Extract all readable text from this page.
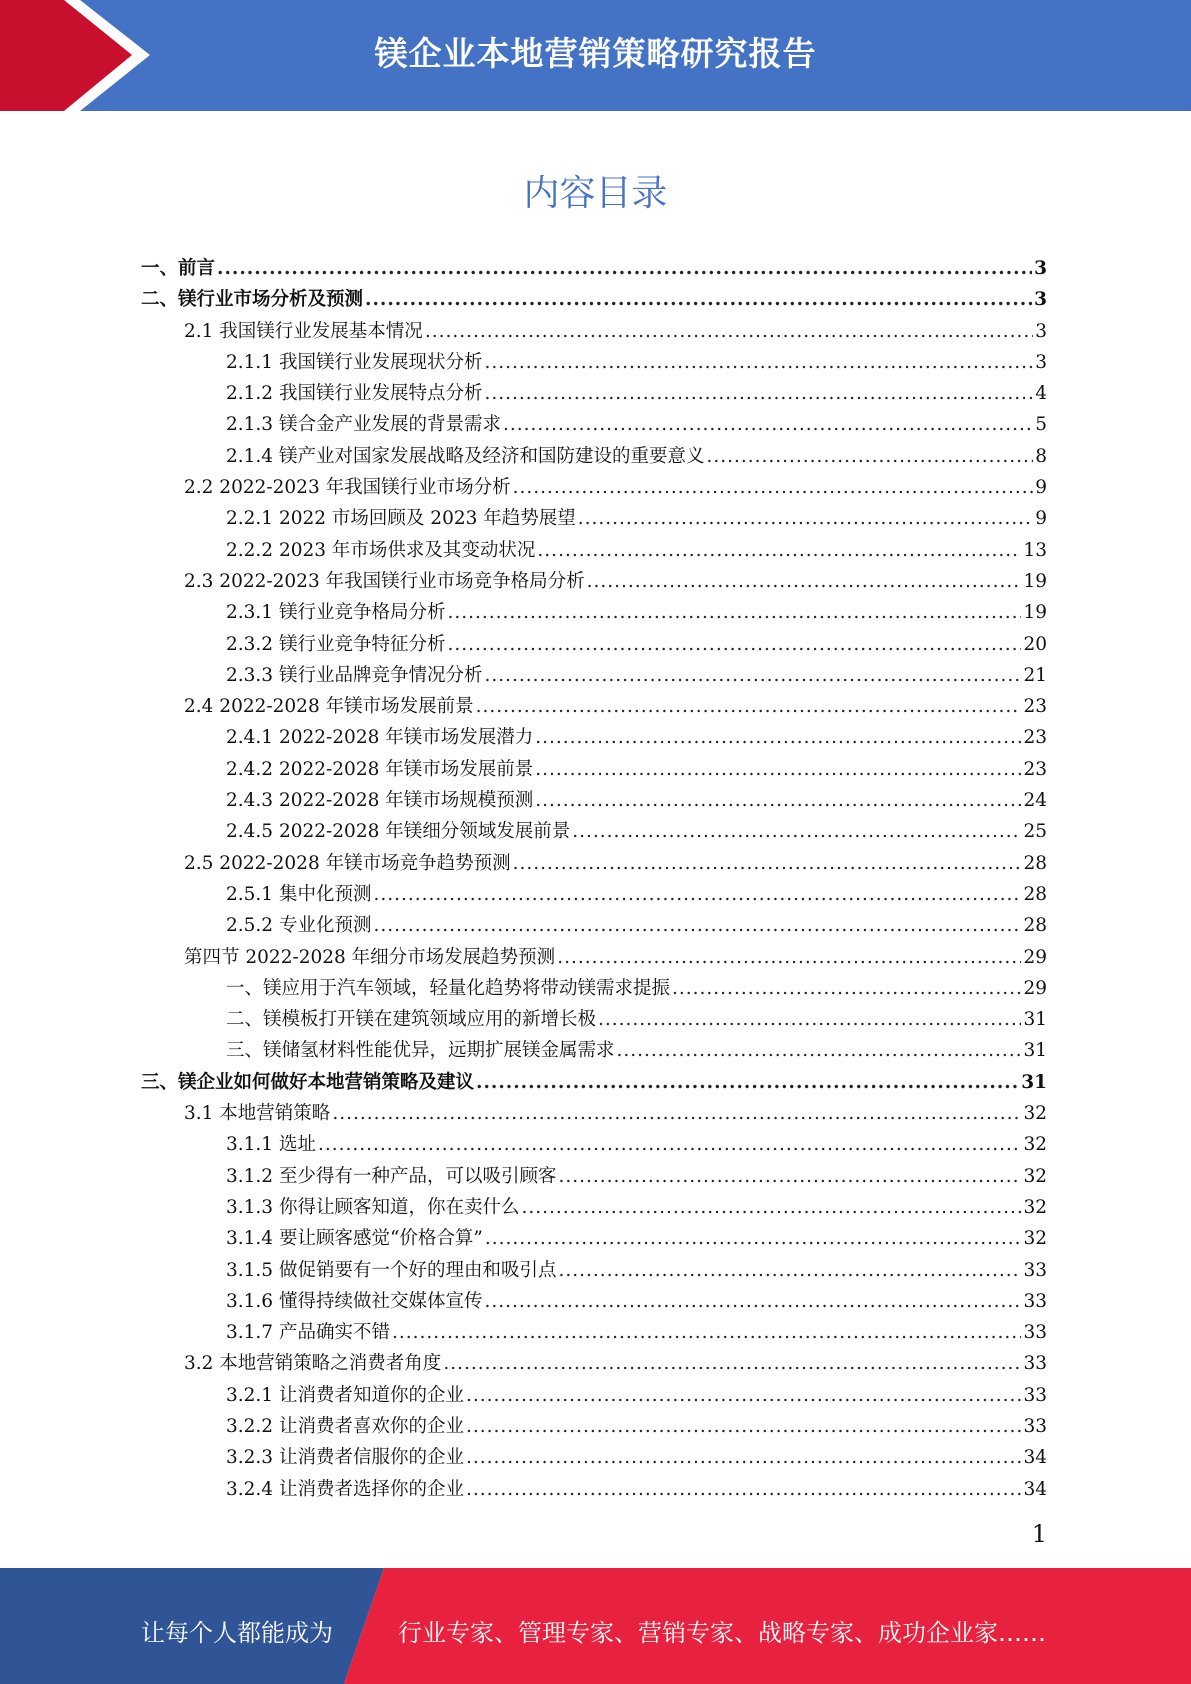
镁企业本地营销策略研究报告
内容目录
一、前言 .....	3
二、镁行业市场分析及预测 .....	3
2.1 我国镁行业发展基本情况 .....	3
2.1.1 我国镁行业发展现状分析 .....	3
2.1.2 我国镁行业发展特点分析 .....	4
2.1.3 镁合金产业发展的背景需求 .....	5
2.1.4 镁产业对国家发展战略及经济和国防建设的重要意义 .....	8
2.2 2022-2023 年我国镁行业市场分析 .....	9
2.2.1 2022 市场回顾及 2023 年趋势展望 .....	9
2.2.2 2023 年市场供求及其变动状况 .....	13
2.3 2022-2023 年我国镁行业市场竞争格局分析 .....	19
2.3.1 镁行业竞争格局分析 .....	19
2.3.2 镁行业竞争特征分析 .....	20
2.3.3 镁行业品牌竞争情况分析 .....	21
2.4 2022-2028 年镁市场发展前景 .....	23
2.4.1 2022-2028 年镁市场发展潜力 .....	23
2.4.2 2022-2028 年镁市场发展前景 .....	23
2.4.3 2022-2028 年镁市场规模预测 .....	24
2.4.5 2022-2028 年镁细分领域发展前景 .....	25
2.5 2022-2028 年镁市场竞争趋势预测 .....	28
2.5.1 集中化预测 .....	28
2.5.2 专业化预测 .....	28
第四节 2022-2028 年细分市场发展趋势预测 .....	29
一、镁应用于汽车领域，轻量化趋势将带动镁需求提振 .....	29
二、镁模板打开镁在建筑领域应用的新增长极 .....	31
三、镁储氢材料性能优异，远期扩展镁金属需求 .....	31
三、镁企业如何做好本地营销策略及建议 .....	31
3.1 本地营销策略 .....	32
3.1.1 选址 .....	32
3.1.2 至少得有一种产品，可以吸引顾客 .....	32
3.1.3 你得让顾客知道，你在卖什么 .....	32
3.1.4 要让顾客感觉“价格合算” .....	32
3.1.5 做促销要有一个好的理由和吸引点 .....	33
3.1.6 懂得持续做社交媒体宣传 .....	33
3.1.7 产品确实不错 .....	33
3.2 本地营销策略之消费者角度 .....	33
3.2.1 让消费者知道你的企业 .....	33
3.2.2 让消费者喜欢你的企业 .....	33
3.2.3 让消费者信服你的企业 .....	34
3.2.4 让消费者选择你的企业 .....	34
1
让每个人都能成为	行业专家、管理专家、营销专家、战略专家、成功企业家……
